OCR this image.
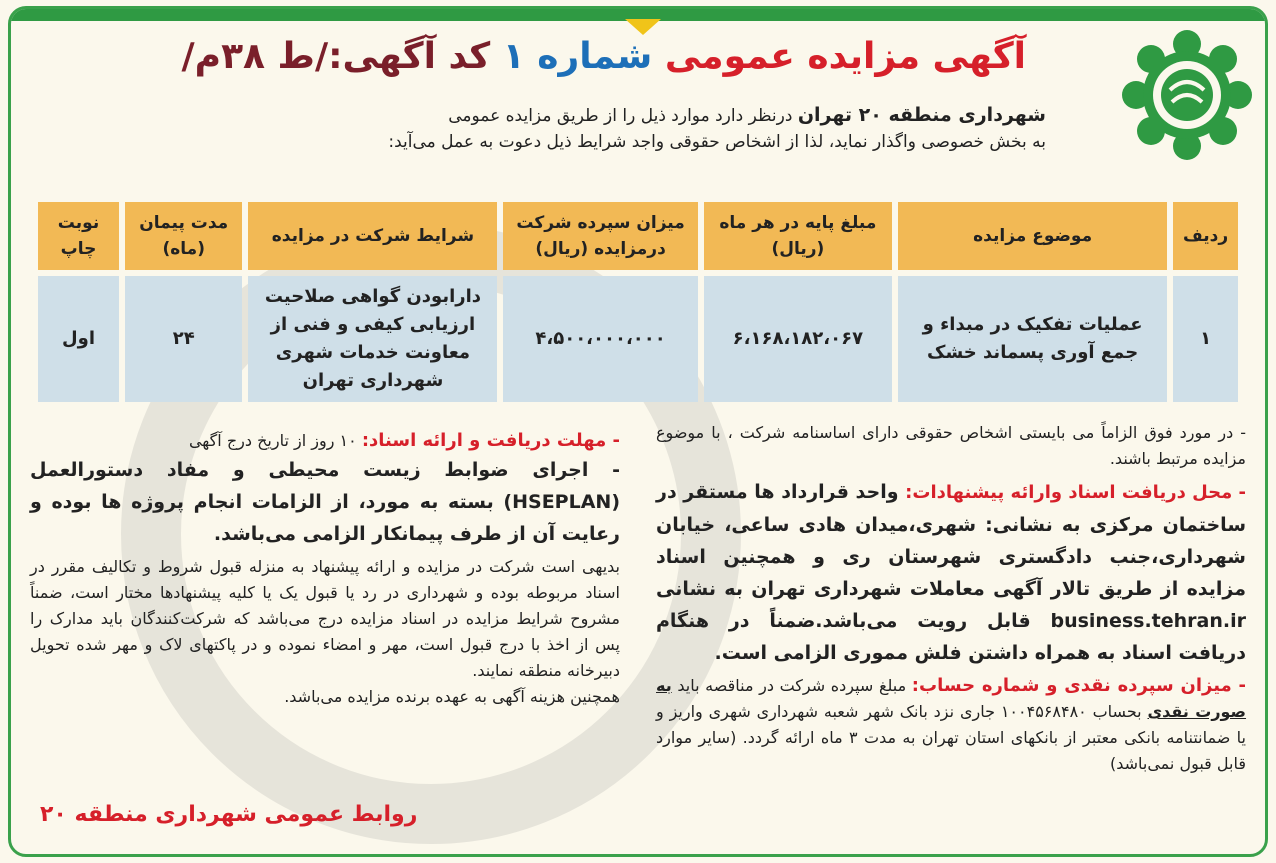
آگهی مزایده عمومی شماره ۱ کد آگهی:/ط ۳۸م/
شهرداری منطقه ۲۰ تهران درنظر دارد موارد ذیل را از طریق مزایده عمومی
به بخش خصوصی واگذار نماید، لذا از اشخاص حقوقی واجد شرایط ذیل دعوت به عمل می‌آید:
ردیف	موضوع مزایده	مبلغ پایه در هر ماه (ریال)	میزان سپرده شرکت درمزایده (ریال)	شرایط شرکت در مزایده	مدت پیمان (ماه)	نوبت چاپ
۱	عملیات تفکیک در مبداء و جمع آوری پسماند خشک	۶،۱۶۸،۱۸۲،۰۶۷	۴،۵۰۰،۰۰۰،۰۰۰	دارابودن گواهی صلاحیت ارزیابی کیفی و فنی از معاونت خدمات شهری شهرداری تهران	۲۴	اول
- در مورد فوق الزاماً می بایستی اشخاص حقوقی دارای اساسنامه شرکت ، با موضوع مزایده مرتبط باشند.
- محل دریافت اسناد وارائه پیشنهادات: واحد قرارداد ها مستقر در ساختمان مرکزی به نشانی: شهری،میدان هادی ساعی، خیابان شهرداری،جنب دادگستری شهرستان ری و همچنین اسناد مزایده از طریق تالار آگهی معاملات شهرداری تهران به نشانی business.tehran.ir قابل رویت می‌باشد.ضمناً در هنگام دریافت اسناد به همراه داشتن فلش مموری الزامی است.
- میزان سپرده نقدی و شماره حساب: مبلغ سپرده شرکت در مناقصه باید به صورت نقدی بحساب ۱۰۰۴۵۶۸۴۸۰ جاری نزد بانک شهر شعبه شهرداری شهری واریز و یا ضمانتنامه بانکی معتبر از بانکهای استان تهران به مدت ۳ ماه ارائه گردد. (سایر موارد قابل قبول نمی‌باشد)
- مهلت دریافت و ارائه اسناد: ۱۰ روز از تاریخ درج آگهی
- اجرای ضوابط زیست محیطی و مفاد دستورالعمل (HSEPLAN) بسته به مورد، از الزامات انجام پروژه ها بوده و رعایت آن از طرف پیمانکار الزامی می‌باشد.
بدیهی است شرکت در مزایده و ارائه پیشنهاد به منزله قبول شروط و تکالیف مقرر در اسناد مربوطه بوده و شهرداری در رد یا قبول یک یا کلیه پیشنهادها مختار است، ضمناً مشروح شرایط مزایده در اسناد مزایده درج می‌باشد که شرکت‌کنندگان باید مدارک را پس از اخذ با درج قبول است، مهر و امضاء نموده و در پاکتهای لاک و مهر شده تحویل دبیرخانه منطقه نمایند.
همچنین هزینه آگهی به عهده برنده مزایده می‌باشد.
روابط عمومی شهرداری منطقه ۲۰
